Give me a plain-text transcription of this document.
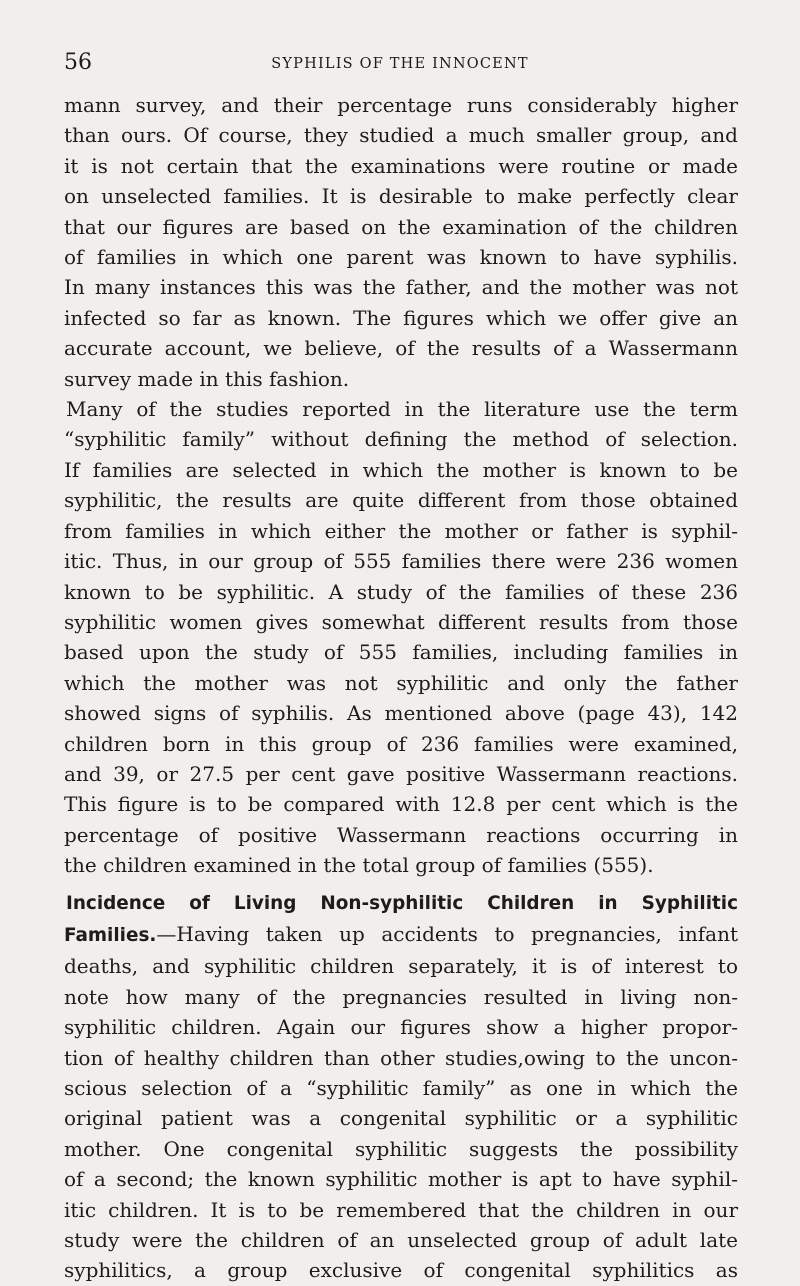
56	SYPHILIS OF THE INNOCENT
mann survey, and their percentage runs considerably higher
than ours. Of course, they studied a much smaller group, and
it is not certain that the examinations were routine or made
on unselected families. It is desirable to make perfectly clear
that our figures are based on the examination of the children
of families in which one parent was known to have syphilis.
In many instances this was the father, and the mother was not
infected so far as known. The figures which we offer give an
accurate account, we believe, of the results of a Wassermann
survey made in this fashion.
Many of the studies reported in the literature use the term
“syphilitic family” without defining the method of selection.
If families are selected in which the mother is known to be
syphilitic, the results are quite different from those obtained
from families in which either the mother or father is syphil-
itic. Thus, in our group of 555 families there were 236 women
known to be syphilitic. A study of the families of these 236
syphilitic women gives somewhat different results from those
based upon the study of 555 families, including families in
which the mother was not syphilitic and only the father
showed signs of syphilis. As mentioned above (page 43), 142
children born in this group of 236 families were examined,
and 39, or 27.5 per cent gave positive Wassermann reactions.
This figure is to be compared with 12.8 per cent which is the
percentage of positive Wassermann reactions occurring in
the children examined in the total group of families (555).
Incidence of Living Non-syphilitic Children in Syphilitic
Families.—Having taken up accidents to pregnancies, infant
deaths, and syphilitic children separately, it is of interest to
note how many of the pregnancies resulted in living non-
syphilitic children. Again our figures show a higher propor-
tion of healthy children than other studies,owing to the uncon-
scious selection of a “syphilitic family” as one in which the
original patient was a congenital syphilitic or a syphilitic
mother. One congenital syphilitic suggests the possibility
of a second; the known syphilitic mother is apt to have syphil-
itic children. It is to be remembered that the children in our
study were the children of an unselected group of adult late
syphilitics, a group exclusive of congenital syphilitics as
